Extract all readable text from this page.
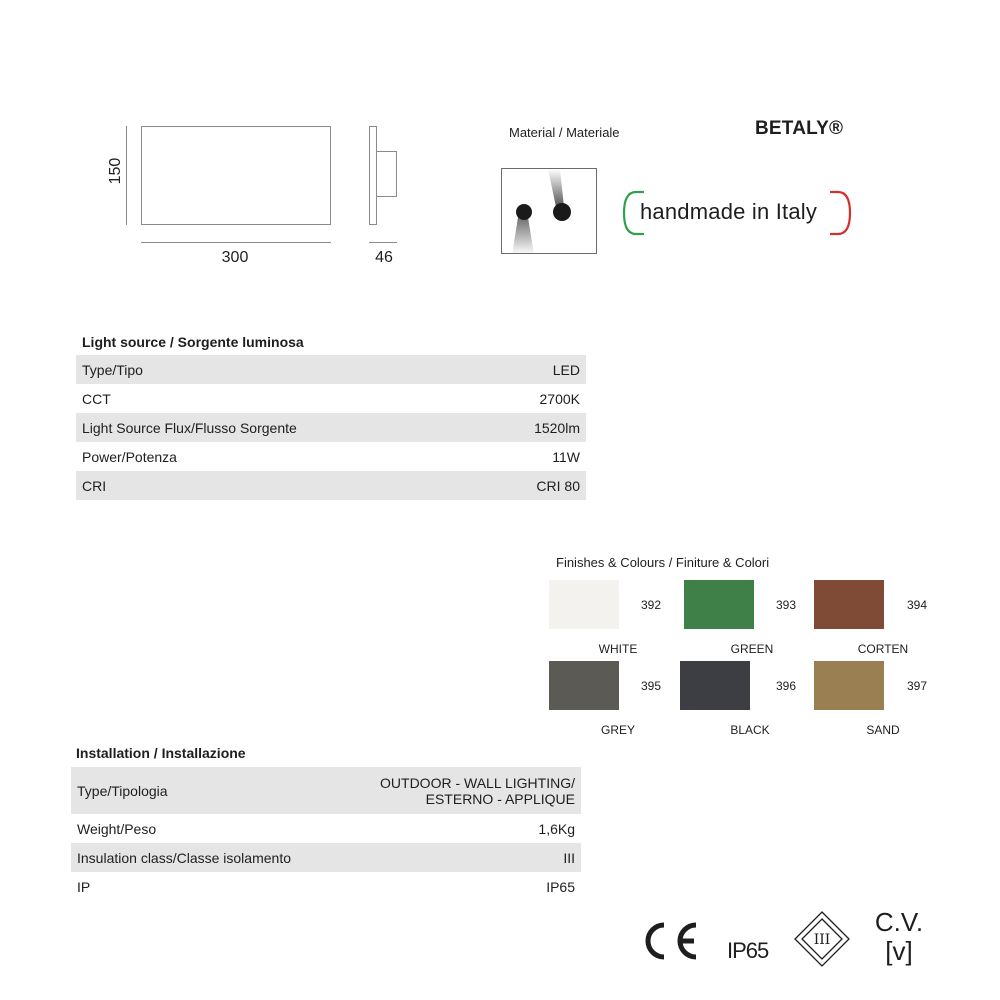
150
300	46
Material / Materiale	BETALY®
handmade in Italy
Light source / Sorgente luminosa
Type/Tipo	LED
CCT	2700K
Light Source Flux/Flusso Sorgente	1520lm
Power/Potenza	11W
CRI	CRI 80
Finishes & Colours / Finiture & Colori
392
WHITE
393
GREEN
394
CORTEN
395
GREY
396
BLACK
397
SAND
Installation / Installazione
Type/Tipologia	OUTDOOR - WALL LIGHTING/
ESTERNO - APPLIQUE
Weight/Peso	1,6Kg
Insulation class/Classe isolamento	III
IP	IP65
IP65	III
C.V.
[v]
